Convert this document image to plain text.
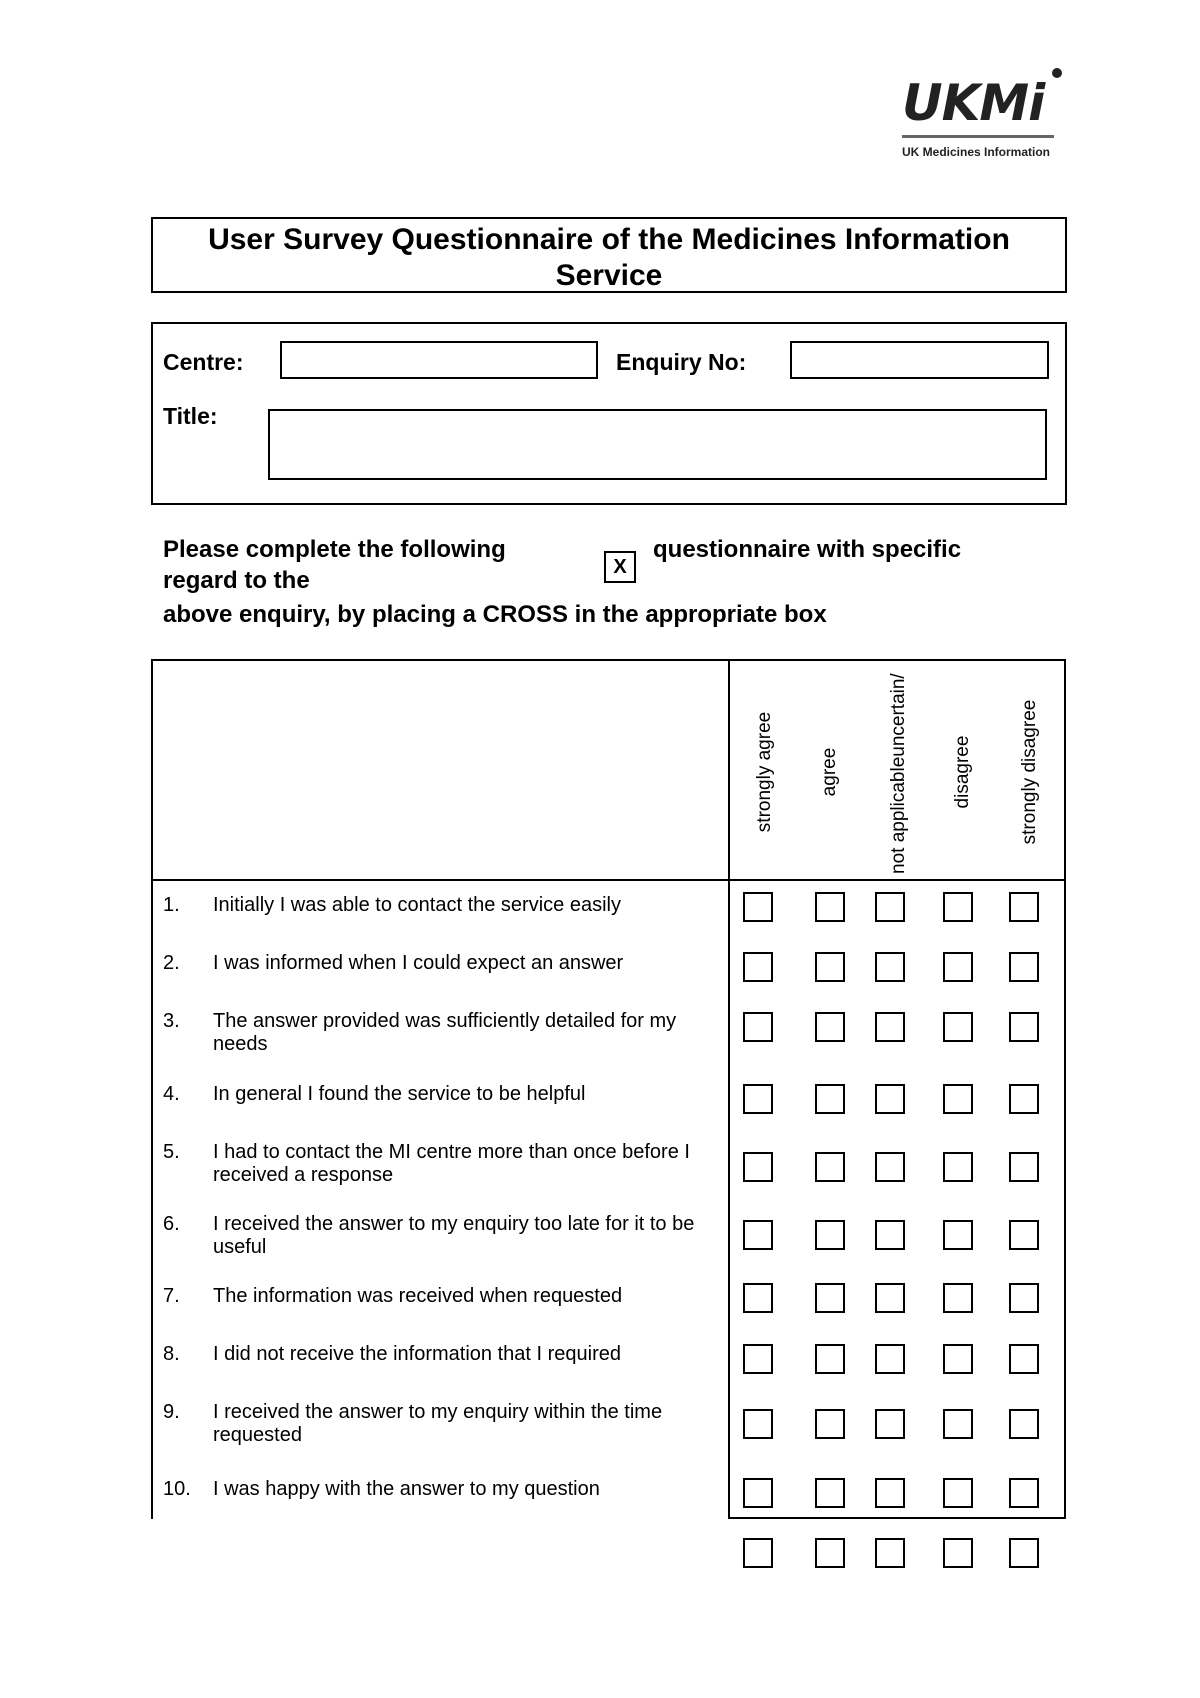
UKMi
UK Medicines Information
User Survey Questionnaire of the Medicines Information Service
Centre:	Enquiry No:
Title:
Please complete the following
X
questionnaire with specific
regard to the
above enquiry, by placing a CROSS in the appropriate box
strongly agree agree	not applicableuncertain/ disagree strongly disagree
1. Initially I was able to contact the service easily
2. I was informed when I could expect an answer
3. The answer provided was sufficiently detailed for my needs
4. In general I found the service to be helpful
5. I had to contact the MI centre more than once before I received a response
6. I received the answer to my enquiry too late for it to be useful
7. The information was received when requested
8. I did not receive the information that I required
9. I received the answer to my enquiry within the time requested
10. I was happy with the answer to my question
